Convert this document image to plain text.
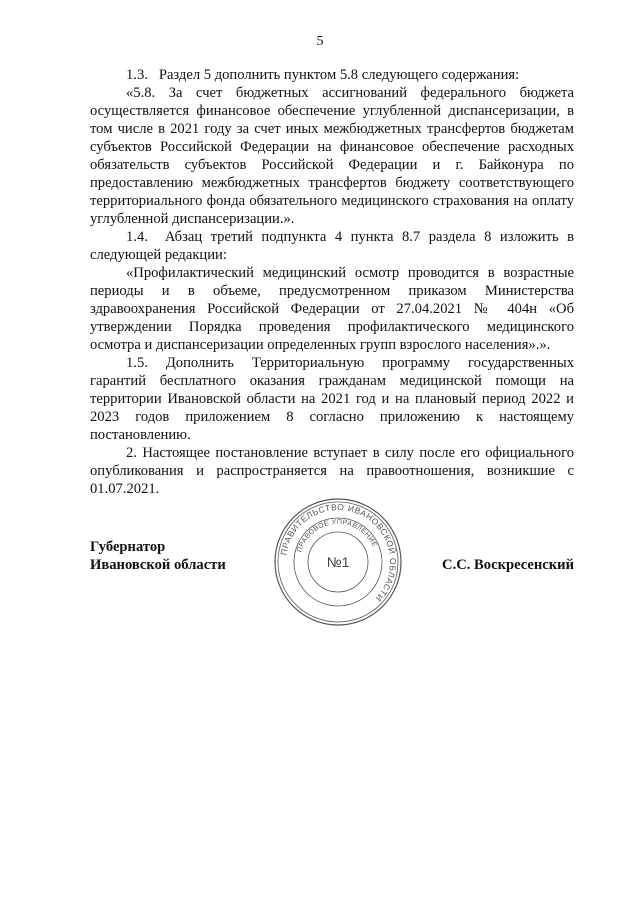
5

1.3.   Раздел 5 дополнить пунктом 5.8 следующего содержания:

«5.8. За счет бюджетных ассигнований федерального бюджета осуществляется финансовое обеспечение углубленной диспансеризации, в том числе в 2021 году за счет иных межбюджетных трансфертов бюджетам субъектов Российской Федерации на финансовое обеспечение расходных обязательств субъектов Российской Федерации и г. Байконура по предоставлению межбюджетных трансфертов бюджету соответствующего территориального фонда обязательного медицинского страхования на оплату углубленной диспансеризации.».

1.4.  Абзац третий подпункта 4 пункта 8.7 раздела 8 изложить в следующей редакции:

«Профилактический медицинский осмотр проводится в возрастные периоды и в объеме, предусмотренном приказом Министерства здравоохранения Российской Федерации от 27.04.2021 № 404н «Об утверждении Порядка проведения профилактического медицинского осмотра и диспансеризации определенных групп взрослого населения».».

1.5. Дополнить Территориальную программу государственных гарантий бесплатного оказания гражданам медицинской помощи на территории Ивановской области на 2021 год и на плановый период 2022 и 2023 годов приложением 8 согласно приложению к настоящему постановлению.

2. Настоящее постановление вступает в силу после его официального опубликования и распространяется на правоотношения, возникшие с 01.07.2021.

Губернатор
Ивановской области	С.С. Воскресенский
ПРАВИТЕЛЬСТВО ИВАНОВСКОЙ ОБЛАСТИ
ПРАВОВОЕ УПРАВЛЕНИЕ
№1
